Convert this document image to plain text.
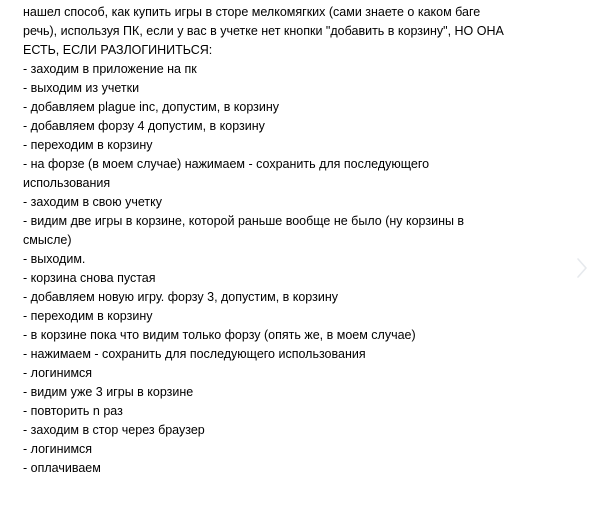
нашел способ, как купить игры в сторе мелкомягких (сами знаете о каком баге
речь), используя ПК, если у вас в учетке нет кнопки "добавить в корзину", НО ОНА
ЕСТЬ, ЕСЛИ РАЗЛОГИНИТЬСЯ:

- заходим в приложение на пк
- выходим из учетки
- добавляем plague inc, допустим, в корзину
- добавляем форзу 4 допустим, в корзину
- переходим в корзину
- на форзе (в моем случае) нажимаем - сохранить для последующего
использования
- заходим в свою учетку
- видим две игры в корзине, которой раньше вообще не было (ну корзины в
смысле)
- выходим.
- корзина снова пустая
- добавляем новую игру. форзу 3, допустим, в корзину
- переходим в корзину
- в корзине пока что видим только форзу (опять же, в моем случае)
- нажимаем - сохранить для последующего использования
- логинимся
- видим уже 3 игры в корзине
- повторить n раз
- заходим в стор через браузер
- логинимся
- оплачиваем
